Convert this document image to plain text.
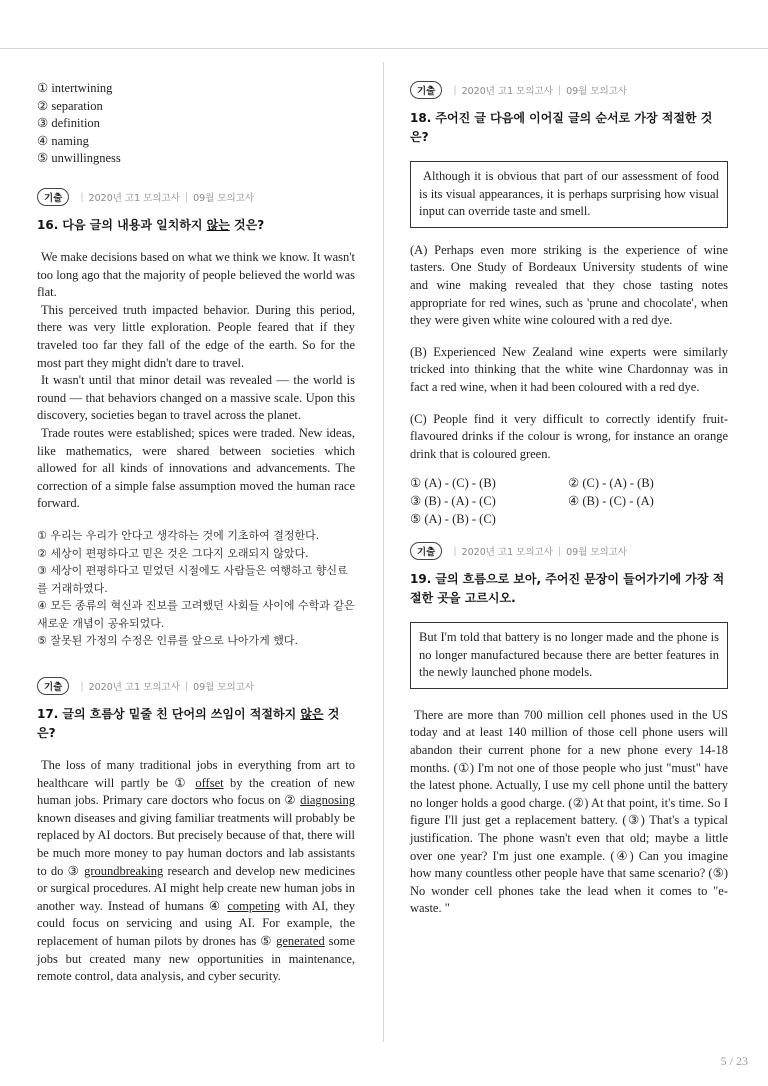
① intertwining
② separation
③ definition
④ naming
⑤ unwillingness
기출	| 2020년 고1 모의고사 | 09월 모의고사
16. 다음 글의 내용과 일치하지 않는 것은?

We make decisions based on what we think we know. It wasn't too long ago that the majority of people believed the world was flat.

This perceived truth impacted behavior. During this period, there was very little exploration. People feared that if they traveled too far they fall of the edge of the earth. So for the most part they might didn't dare to travel.

It wasn't until that minor detail was revealed — the world is round — that behaviors changed on a massive scale. Upon this discovery, societies began to travel across the planet.

Trade routes were established; spices were traded. New ideas, like mathematics, were shared between societies which allowed for all kinds of innovations and advancements. The correction of a simple false assumption moved the human race forward.

① 우리는 우리가 안다고 생각하는 것에 기초하여 결정한다.
② 세상이 편평하다고 믿은 것은 그다지 오래되지 않았다.
③ 세상이 편평하다고 믿었던 시절에도 사람들은 여행하고 향신료를 거래하였다.
④ 모든 종류의 혁신과 진보를 고려했던 사회들 사이에 수학과 같은 새로운 개념이 공유되었다.
⑤ 잘못된 가정의 수정은 인류를 앞으로 나아가게 했다.
기출	| 2020년 고1 모의고사 | 09월 모의고사
17. 글의 흐름상 밑줄 친 단어의 쓰임이 적절하지 않은 것은?
The loss of many traditional jobs in everything from art to healthcare will partly be ① offset by the creation of new human jobs. Primary care doctors who focus on ② diagnosing known diseases and giving familiar treatments will probably be replaced by AI doctors. But precisely because of that, there will be much more money to pay human doctors and lab assistants to do ③ groundbreaking research and develop new medicines or surgical procedures. AI might help create new human jobs in another way. Instead of humans ④ competing with AI, they could focus on servicing and using AI. For example, the replacement of human pilots by drones has ⑤ generated some jobs but created many new opportunities in maintenance, remote control, data analysis, and cyber security.
기출	| 2020년 고1 모의고사 | 09월 모의고사
18. 주어진 글 다음에 이어질 글의 순서로 가장 적절한 것은?
Although it is obvious that part of our assessment of food is its visual appearances, it is perhaps surprising how visual input can override taste and smell.

(A) Perhaps even more striking is the experience of wine tasters. One Study of Bordeaux University students of wine and wine making revealed that they chose tasting notes appropriate for red wines, such as 'prune and chocolate', when they were given white wine coloured with a red dye.

(B) Experienced New Zealand wine experts were similarly tricked into thinking that the white wine Chardonnay was in fact a red wine, when it had been coloured with a red dye.

(C) People find it very difficult to correctly identify fruit-flavoured drinks if the colour is wrong, for instance an orange drink that is coloured green.

① (A) - (C) - (B)	② (C) - (A) - (B)
③ (B) - (A) - (C)	④ (B) - (C) - (A)
⑤ (A) - (B) - (C)
기출	| 2020년 고1 모의고사 | 09월 모의고사
19. 글의 흐름으로 보아, 주어진 문장이 들어가기에 가장 적절한 곳을 고르시오.
But I'm told that battery is no longer made and the phone is no longer manufactured because there are better features in the newly launched phone models.
There are more than 700 million cell phones used in the US today and at least 140 million of those cell phone users will abandon their current phone for a new phone every 14-18 months. (①) I'm not one of those people who just "must" have the latest phone. Actually, I use my cell phone until the battery no longer holds a good charge. (②) At that point, it's time. So I figure I'll just get a replacement battery. (③) That's a typical justification. The phone wasn't even that old; maybe a little over one year? I'm just one example. (④) Can you imagine how many countless other people have that same scenario? (⑤) No wonder cell phones take the lead when it comes to "e-waste. "
5 / 23
